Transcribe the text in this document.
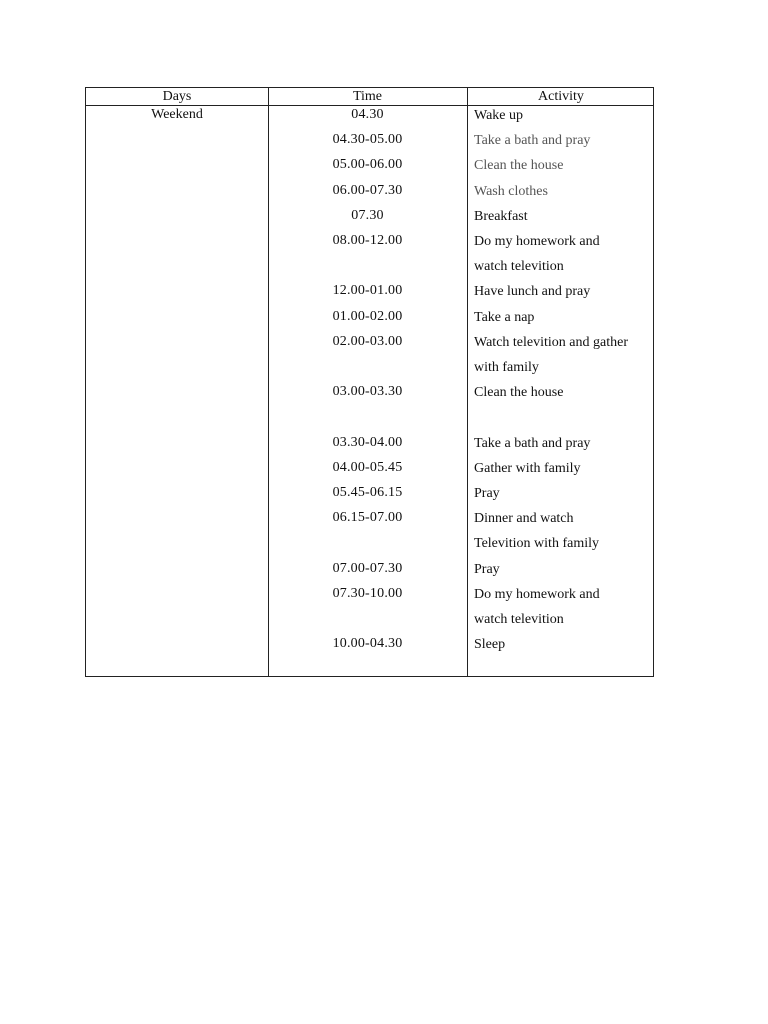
Days	Time	Activity
Weekend	04.30	Wake up
04.30-05.00	Take a bath and pray
05.00-06.00	Clean the house
06.00-07.30	Wash clothes
07.30	Breakfast
08.00-12.00	Do my homework and
watch televition
12.00-01.00	Have lunch and pray
01.00-02.00	Take a nap
02.00-03.00	Watch televition and gather
with family
03.00-03.30	Clean the house
03.30-04.00	Take a bath and pray
04.00-05.45	Gather with family
05.45-06.15	Pray
06.15-07.00	Dinner and watch
Televition with family
07.00-07.30	Pray
07.30-10.00	Do my homework and
watch televition
10.00-04.30	Sleep
